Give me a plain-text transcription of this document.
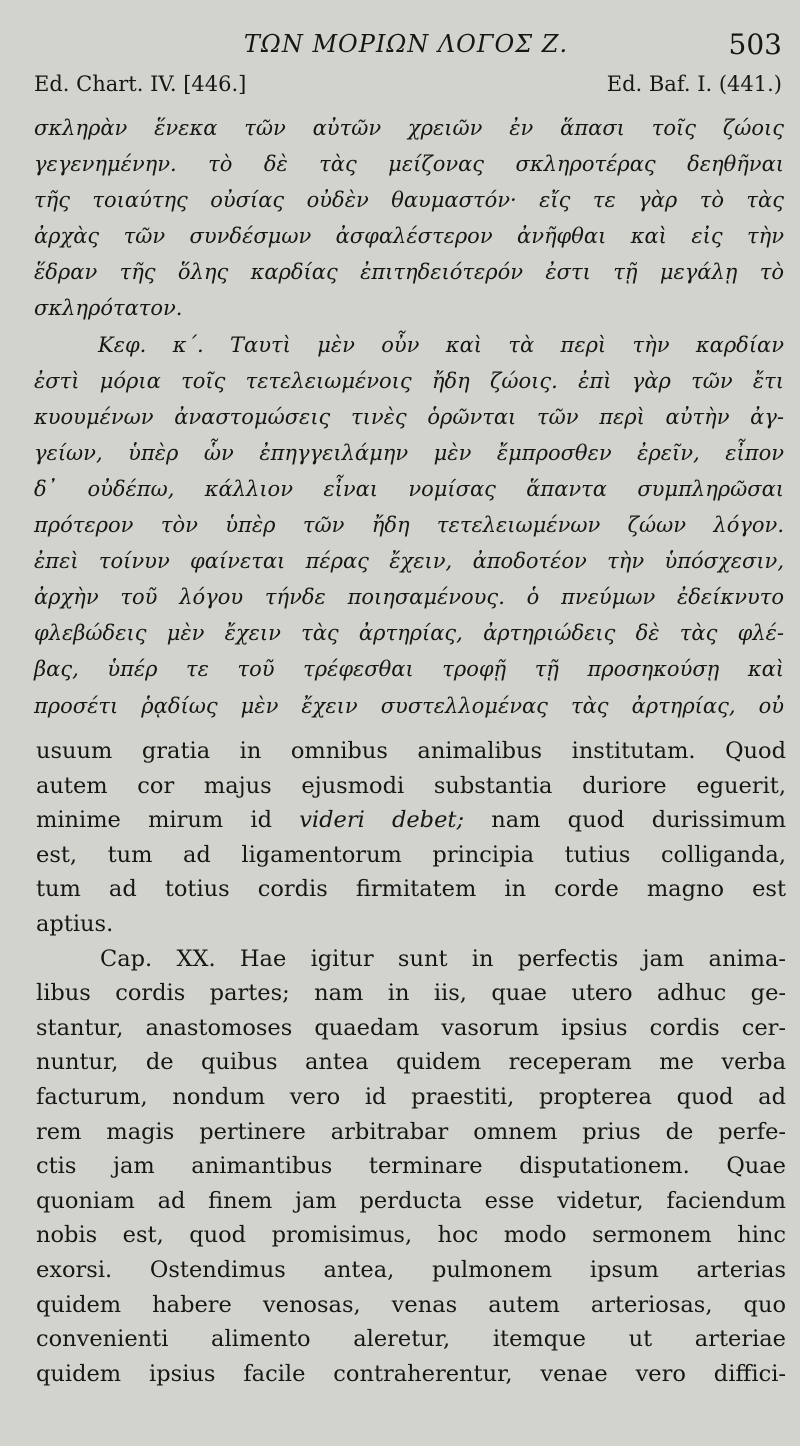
ΤΩΝ ΜΟΡΙΩΝ ΛΟΓΟΣ Ζ.	503
Ed. Chart. IV. [446.]	Ed. Baf. I. (441.)
σκληρὰν ἕνεκα τῶν αὐτῶν χρειῶν ἐν ἅπασι τοῖς ζώοις
γεγενημένην. τὸ δὲ τὰς μείζονας σκληροτέρας δεηθῆναι
τῆς τοιαύτης οὐσίας οὐδὲν θαυμαστόν· εἴς τε γὰρ τὸ τὰς
ἀρχὰς τῶν συνδέσμων ἀσφαλέστερον ἀνῆφθαι καὶ εἰς τὴν
ἕδραν τῆς ὅλης καρδίας ἐπιτηδειότερόν ἐστι τῇ μεγάλῃ τὸ
σκληρότατον.
Κεφ. κ΄. Ταυτὶ μὲν οὖν καὶ τὰ περὶ τὴν καρδίαν
ἐστὶ μόρια τοῖς τετελειωμένοις ἤδη ζώοις. ἐπὶ γὰρ τῶν ἔτι
κυουμένων ἀναστομώσεις τινὲς ὁρῶνται τῶν περὶ αὐτὴν ἀγ-
γείων, ὑπὲρ ὧν ἐπηγγειλάμην μὲν ἔμπροσθεν ἐρεῖν, εἶπον
δ᾽ οὐδέπω, κάλλιον εἶναι νομίσας ἅπαντα συμπληρῶσαι
πρότερον τὸν ὑπὲρ τῶν ἤδη τετελειωμένων ζώων λόγον.
ἐπεὶ τοίνυν φαίνεται πέρας ἔχειν, ἀποδοτέον τὴν ὑπόσχεσιν,
ἀρχὴν τοῦ λόγου τήνδε ποιησαμένους. ὁ πνεύμων ἐδείκνυτο
φλεβώδεις μὲν ἔχειν τὰς ἀρτηρίας, ἀρτηριώδεις δὲ τὰς φλέ-
βας, ὑπέρ τε τοῦ τρέφεσθαι τροφῇ τῇ προσηκούσῃ καὶ
προσέτι ῥᾳδίως μὲν ἔχειν συστελλομένας τὰς ἀρτηρίας, οὐ
usuum gratia in omnibus animalibus institutam. Quod
autem cor majus ejusmodi substantia duriore eguerit,
minime mirum id videri debet; nam quod durissimum
est, tum ad ligamentorum principia tutius colliganda,
tum ad totius cordis firmitatem in corde magno est
aptius.
Cap. XX. Hae igitur sunt in perfectis jam anima-
libus cordis partes; nam in iis, quae utero adhuc ge-
stantur, anastomoses quaedam vasorum ipsius cordis cer-
nuntur, de quibus antea quidem receperam me verba
facturum, nondum vero id praestiti, propterea quod ad
rem magis pertinere arbitrabar omnem prius de perfe-
ctis jam animantibus terminare disputationem. Quae
quoniam ad finem jam perducta esse videtur, faciendum
nobis est, quod promisimus, hoc modo sermonem hinc
exorsi. Ostendimus antea, pulmonem ipsum arterias
quidem habere venosas, venas autem arteriosas, quo
convenienti alimento aleretur, itemque ut arteriae
quidem ipsius facile contraherentur, venae vero diffici-
